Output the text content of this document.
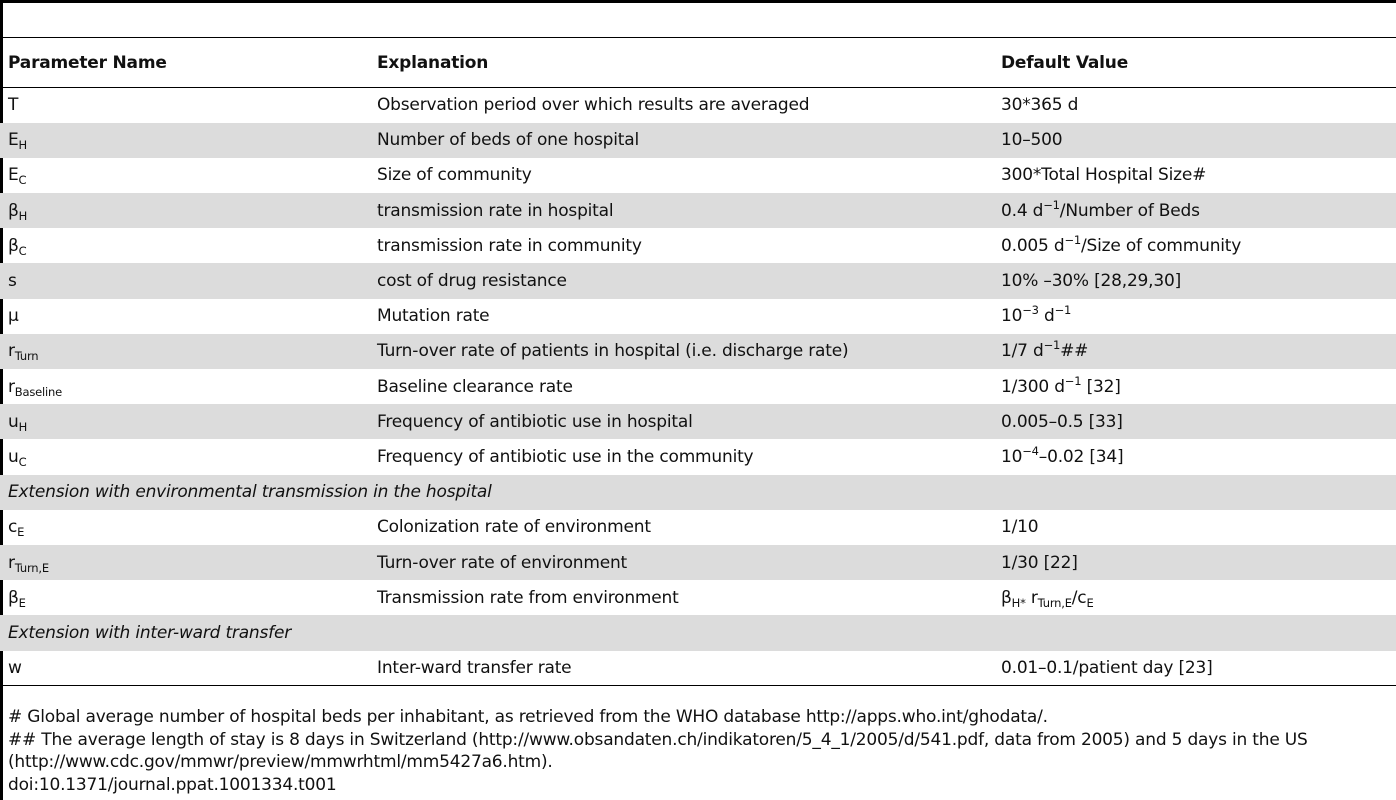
Parameter Name	Explanation	Default Value
T	Observation period over which results are averaged	30*365 d
$E_H$	Number of beds of one hospital	10–500
$E_C$	Size of community	300*Total Hospital Size#
$\beta_H$	transmission rate in hospital	0.4 $d^{-1}$/Number of Beds
$\beta_C$	transmission rate in community	0.005 $d^{-1}$/Size of community
s	cost of drug resistance	10% –30% [28,29,30]
μ	Mutation rate	$10^{-3}$ $d^{-1}$
$r_{Turn}$	Turn-over rate of patients in hospital (i.e. discharge rate)	1/7 $d^{-1}\#\#$
$r_{Baseline}$	Baseline clearance rate	1/300 $d^{-1}$ [32]
$u_H$	Frequency of antibiotic use in hospital	0.005–0.5 [33]
$u_C$	Frequency of antibiotic use in the community	$10^{-4}-0.02$ [34]
Extension with environmental transmission in the hospital		
$c_E$	Colonization rate of environment	1/10
$r_{Turn,E}$	Turn-over rate of environment	1/30 [22]
$\beta_E$	Transmission rate from environment	$\beta_{H*}$ $r_{Turn,E}/c_E$
Extension with inter-ward transfer		
w	Inter-ward transfer rate	0.01–0.1/patient day [23]

# Global average number of hospital beds per inhabitant, as retrieved from the WHO database http://apps.who.int/ghodata/.

## The average length of stay is 8 days in Switzerland (http://www.obsandaten.ch/indikatoren/5_4_1/2005/d/541.pdf, data from 2005) and 5 days in the US (http://www.cdc.gov/mmwr/preview/mmwrhtml/mm5427a6.htm).

doi:10.1371/journal.ppat.1001334.t001
